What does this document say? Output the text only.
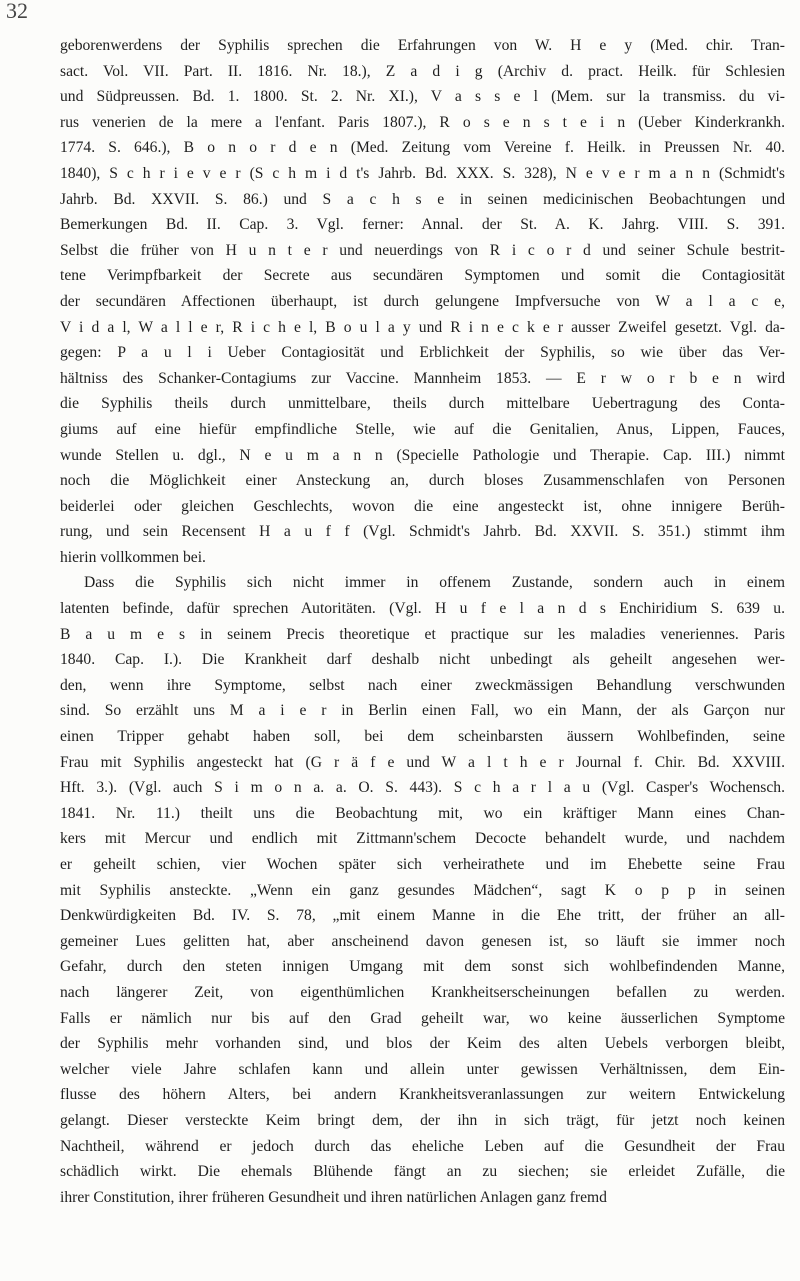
32
geborenwerdens der Syphilis sprechen die Erfahrungen von W. H e y (Med. chir. Tran-
sact. Vol. VII. Part. II. 1816. Nr. 18.), Z a d i g (Archiv d. pract. Heilk. für Schlesien
und Südpreussen. Bd. 1. 1800. St. 2. Nr. XI.), V a s s e l (Mem. sur la transmiss. du vi-
rus venerien de la mere a l'enfant. Paris 1807.), R o s e n s t e i n (Ueber Kinderkrankh.
1774. S. 646.), B o n o r d e n (Med. Zeitung vom Vereine f. Heilk. in Preussen Nr. 40.
1840), S c h r i e v e r (S c h m i d t's Jahrb. Bd. XXX. S. 328), N e v e r m a n n (Schmidt's
Jahrb. Bd. XXVII. S. 86.) und S a c h s e in seinen medicinischen Beobachtungen und
Bemerkungen Bd. II. Cap. 3. Vgl. ferner: Annal. der St. A. K. Jahrg. VIII. S. 391.
Selbst die früher von H u n t e r und neuerdings von R i c o r d und seiner Schule bestrit-
tene Verimpfbarkeit der Secrete aus secundären Symptomen und somit die Contagiosität
der secundären Affectionen überhaupt, ist durch gelungene Impfversuche von W a l a c e,
V i d a l, W a l l e r, R i c h e l, B o u l a y und R i n e c k e r ausser Zweifel gesetzt. Vgl. da-
gegen: P a u l i Ueber Contagiosität und Erblichkeit der Syphilis, so wie über das Ver-
hältniss des Schanker-Contagiums zur Vaccine. Mannheim 1853. — E r w o r b e n wird
die Syphilis theils durch unmittelbare, theils durch mittelbare Uebertragung des Conta-
giums auf eine hiefür empfindliche Stelle, wie auf die Genitalien, Anus, Lippen, Fauces,
wunde Stellen u. dgl., N e u m a n n (Specielle Pathologie und Therapie. Cap. III.) nimmt
noch die Möglichkeit einer Ansteckung an, durch bloses Zusammenschlafen von Personen
beiderlei oder gleichen Geschlechts, wovon die eine angesteckt ist, ohne innigere Berüh-
rung, und sein Recensent H a u f f (Vgl. Schmidt's Jahrb. Bd. XXVII. S. 351.) stimmt ihm
hierin vollkommen bei.
Dass die Syphilis sich nicht immer in offenem Zustande, sondern auch in einem
latenten befinde, dafür sprechen Autoritäten. (Vgl. H u f e l a n d s Enchiridium S. 639 u.
B a u m e s in seinem Precis theoretique et practique sur les maladies veneriennes. Paris
1840. Cap. I.). Die Krankheit darf deshalb nicht unbedingt als geheilt angesehen wer-
den, wenn ihre Symptome, selbst nach einer zweckmässigen Behandlung verschwunden
sind. So erzählt uns M a i e r in Berlin einen Fall, wo ein Mann, der als Garçon nur
einen Tripper gehabt haben soll, bei dem scheinbarsten äussern Wohlbefinden, seine
Frau mit Syphilis angesteckt hat (G r ä f e und W a l t h e r Journal f. Chir. Bd. XXVIII.
Hft. 3.). (Vgl. auch S i m o n a. a. O. S. 443). S c h a r l a u (Vgl. Casper's Wochensch.
1841. Nr. 11.) theilt uns die Beobachtung mit, wo ein kräftiger Mann eines Chan-
kers mit Mercur und endlich mit Zittmann'schem Decocte behandelt wurde, und nachdem
er geheilt schien, vier Wochen später sich verheirathete und im Ehebette seine Frau
mit Syphilis ansteckte. „Wenn ein ganz gesundes Mädchen“, sagt K o p p in seinen
Denkwürdigkeiten Bd. IV. S. 78, „mit einem Manne in die Ehe tritt, der früher an all-
gemeiner Lues gelitten hat, aber anscheinend davon genesen ist, so läuft sie immer noch
Gefahr, durch den steten innigen Umgang mit dem sonst sich wohlbefindenden Manne,
nach längerer Zeit, von eigenthümlichen Krankheitserscheinungen befallen zu werden.
Falls er nämlich nur bis auf den Grad geheilt war, wo keine äusserlichen Symptome
der Syphilis mehr vorhanden sind, und blos der Keim des alten Uebels verborgen bleibt,
welcher viele Jahre schlafen kann und allein unter gewissen Verhältnissen, dem Ein-
flusse des höhern Alters, bei andern Krankheitsveranlassungen zur weitern Entwickelung
gelangt. Dieser versteckte Keim bringt dem, der ihn in sich trägt, für jetzt noch keinen
Nachtheil, während er jedoch durch das eheliche Leben auf die Gesundheit der Frau
schädlich wirkt. Die ehemals Blühende fängt an zu siechen; sie erleidet Zufälle, die
ihrer Constitution, ihrer früheren Gesundheit und ihren natürlichen Anlagen ganz fremd
